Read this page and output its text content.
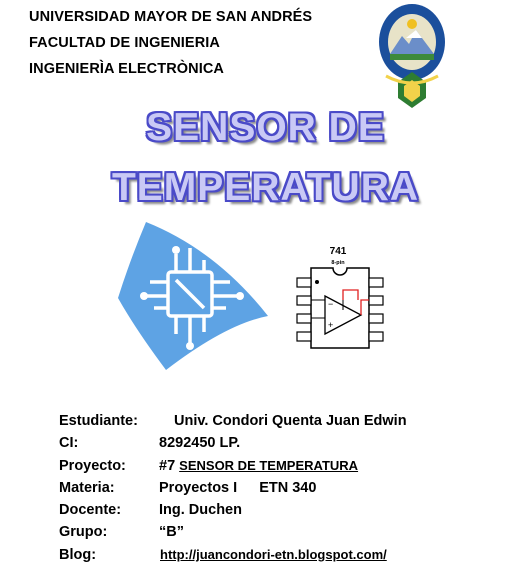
UNIVERSIDAD MAYOR DE SAN ANDRÉS
FACULTAD DE INGENIERIA
INGENIERÌA ELECTRÒNICA
SENSOR DE
TEMPERATURA
741
8-pin
−
+
Estudiante: Univ. Condori Quenta Juan Edwin
CI:	8292450 LP.
Proyecto: #7 SENSOR DE TEMPERATURA
Materia:	Proyectos I ETN 340
Docente:	Ing. Duchen
Grupo:	“B”
Blog:	http://juancondori-etn.blogspot.com/
